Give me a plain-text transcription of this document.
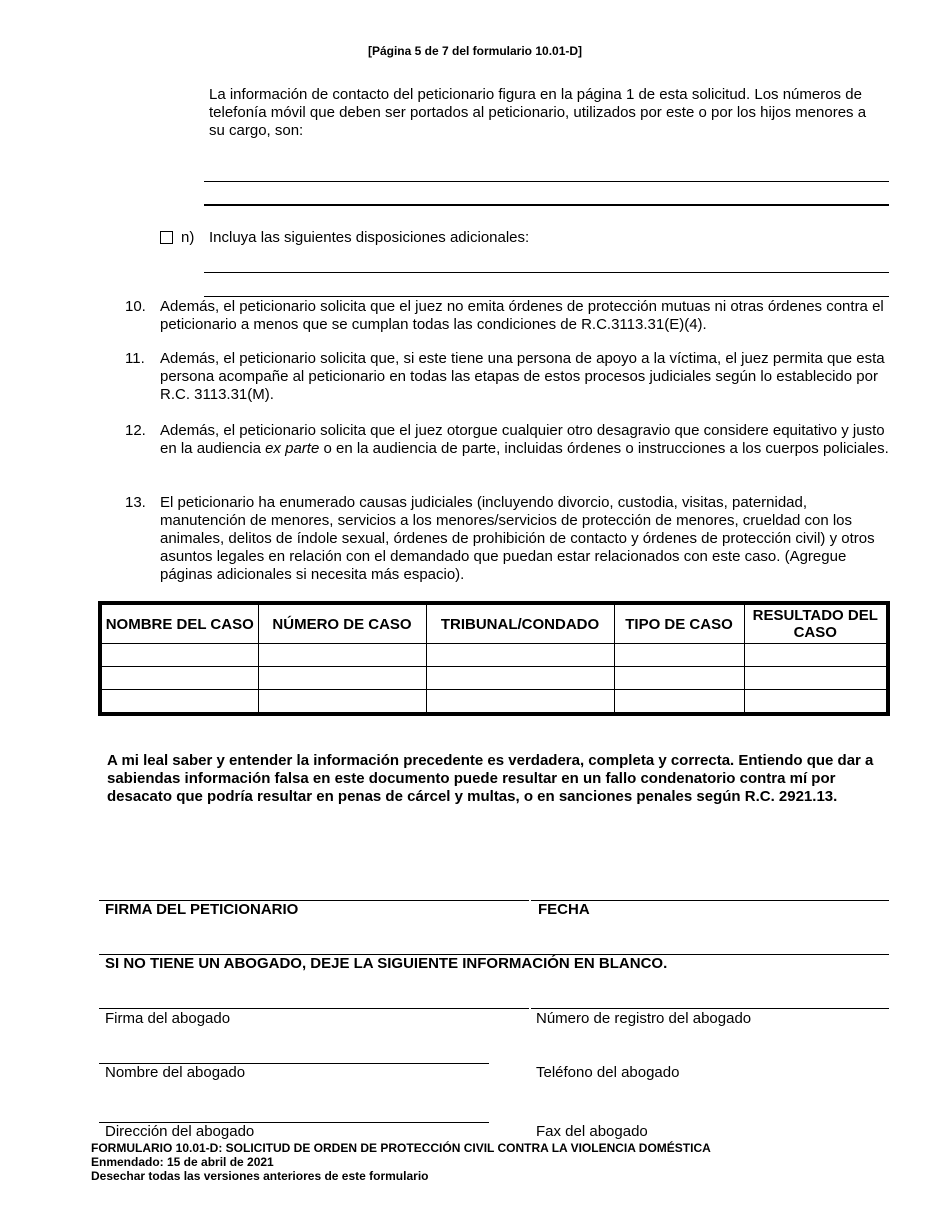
[Página 5 de 7 del formulario 10.01-D]
La información de contacto del peticionario figura en la página 1 de esta solicitud. Los números de telefonía móvil que deben ser portados al peticionario, utilizados por este o por los hijos menores a su cargo, son:
n) Incluya las siguientes disposiciones adicionales:
10. Además, el peticionario solicita que el juez no emita órdenes de protección mutuas ni otras órdenes contra el peticionario a menos que se cumplan todas las condiciones de R.C.3113.31(E)(4).
11. Además, el peticionario solicita que, si este tiene una persona de apoyo a la víctima, el juez permita que esta persona acompañe al peticionario en todas las etapas de estos procesos judiciales según lo establecido por R.C. 3113.31(M).
12. Además, el peticionario solicita que el juez otorgue cualquier otro desagravio que considere equitativo y justo en la audiencia ex parte o en la audiencia de parte, incluidas órdenes o instrucciones a los cuerpos policiales.
13. El peticionario ha enumerado causas judiciales (incluyendo divorcio, custodia, visitas, paternidad, manutención de menores, servicios a los menores/servicios de protección de menores, crueldad con los animales, delitos de índole sexual, órdenes de prohibición de contacto y órdenes de protección civil) y otros asuntos legales en relación con el demandado que puedan estar relacionados con este caso. (Agregue páginas adicionales si necesita más espacio).
NOMBRE DEL CASO	NÚMERO DE CASO	TRIBUNAL/CONDADO	TIPO DE CASO	RESULTADO DEL CASO

A mi leal saber y entender la información precedente es verdadera, completa y correcta. Entiendo que dar a sabiendas información falsa en este documento puede resultar en un fallo condenatorio contra mí por desacato que podría resultar en penas de cárcel y multas, o en sanciones penales según R.C. 2921.13.
FIRMA DEL PETICIONARIO	FECHA
SI NO TIENE UN ABOGADO, DEJE LA SIGUIENTE INFORMACIÓN EN BLANCO.
Firma del abogado	Número de registro del abogado
Nombre del abogado	Teléfono del abogado
Dirección del abogado	Fax del abogado
FORMULARIO 10.01-D: SOLICITUD DE ORDEN DE PROTECCIÓN CIVIL CONTRA LA VIOLENCIA DOMÉSTICA
Enmendado: 15 de abril de 2021
Desechar todas las versiones anteriores de este formulario
